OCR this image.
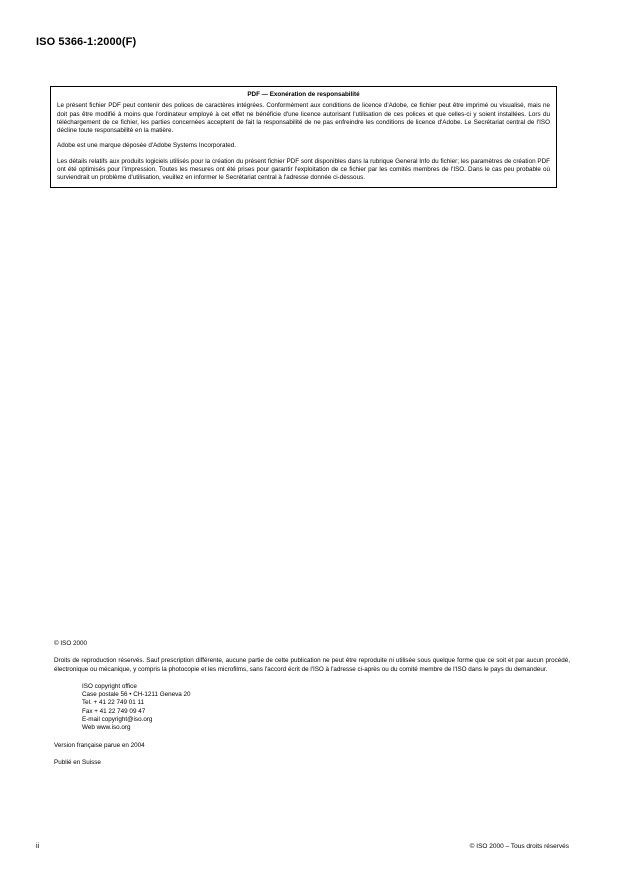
ISO 5366-1:2000(F)
PDF — Exonération de responsabilité

Le présent fichier PDF peut contenir des polices de caractères intégrées. Conformément aux conditions de licence d'Adobe, ce fichier peut être imprimé ou visualisé, mais ne doit pas être modifié à moins que l'ordinateur employé à cet effet ne bénéficie d'une licence autorisant l'utilisation de ces polices et que celles-ci y soient installées. Lors du téléchargement de ce fichier, les parties concernées acceptent de fait la responsabilité de ne pas enfreindre les conditions de licence d'Adobe. Le Secrétariat central de l'ISO décline toute responsabilité en la matière.

Adobe est une marque déposée d'Adobe Systems Incorporated.

Les détails relatifs aux produits logiciels utilisés pour la création du présent fichier PDF sont disponibles dans la rubrique General Info du fichier; les paramètres de création PDF ont été optimisés pour l'impression. Toutes les mesures ont été prises pour garantir l'exploitation de ce fichier par les comités membres de l'ISO. Dans le cas peu probable où surviendrait un problème d'utilisation, veuillez en informer le Secrétariat central à l'adresse donnée ci-dessous.

© ISO 2000

Droits de reproduction réservés. Sauf prescription différente, aucune partie de cette publication ne peut être reproduite ni utilisée sous quelque forme que ce soit et par aucun procédé, électronique ou mécanique, y compris la photocopie et les microfilms, sans l'accord écrit de l'ISO à l'adresse ci-après ou du comité membre de l'ISO dans le pays du demandeur.

ISO copyright office
Case postale 56 • CH-1211 Geneva 20
Tel. + 41 22 749 01 11
Fax + 41 22 749 09 47
E-mail copyright@iso.org
Web www.iso.org

Version française parue en 2004

Publié en Suisse

ii	© ISO 2000 – Tous droits réservés
